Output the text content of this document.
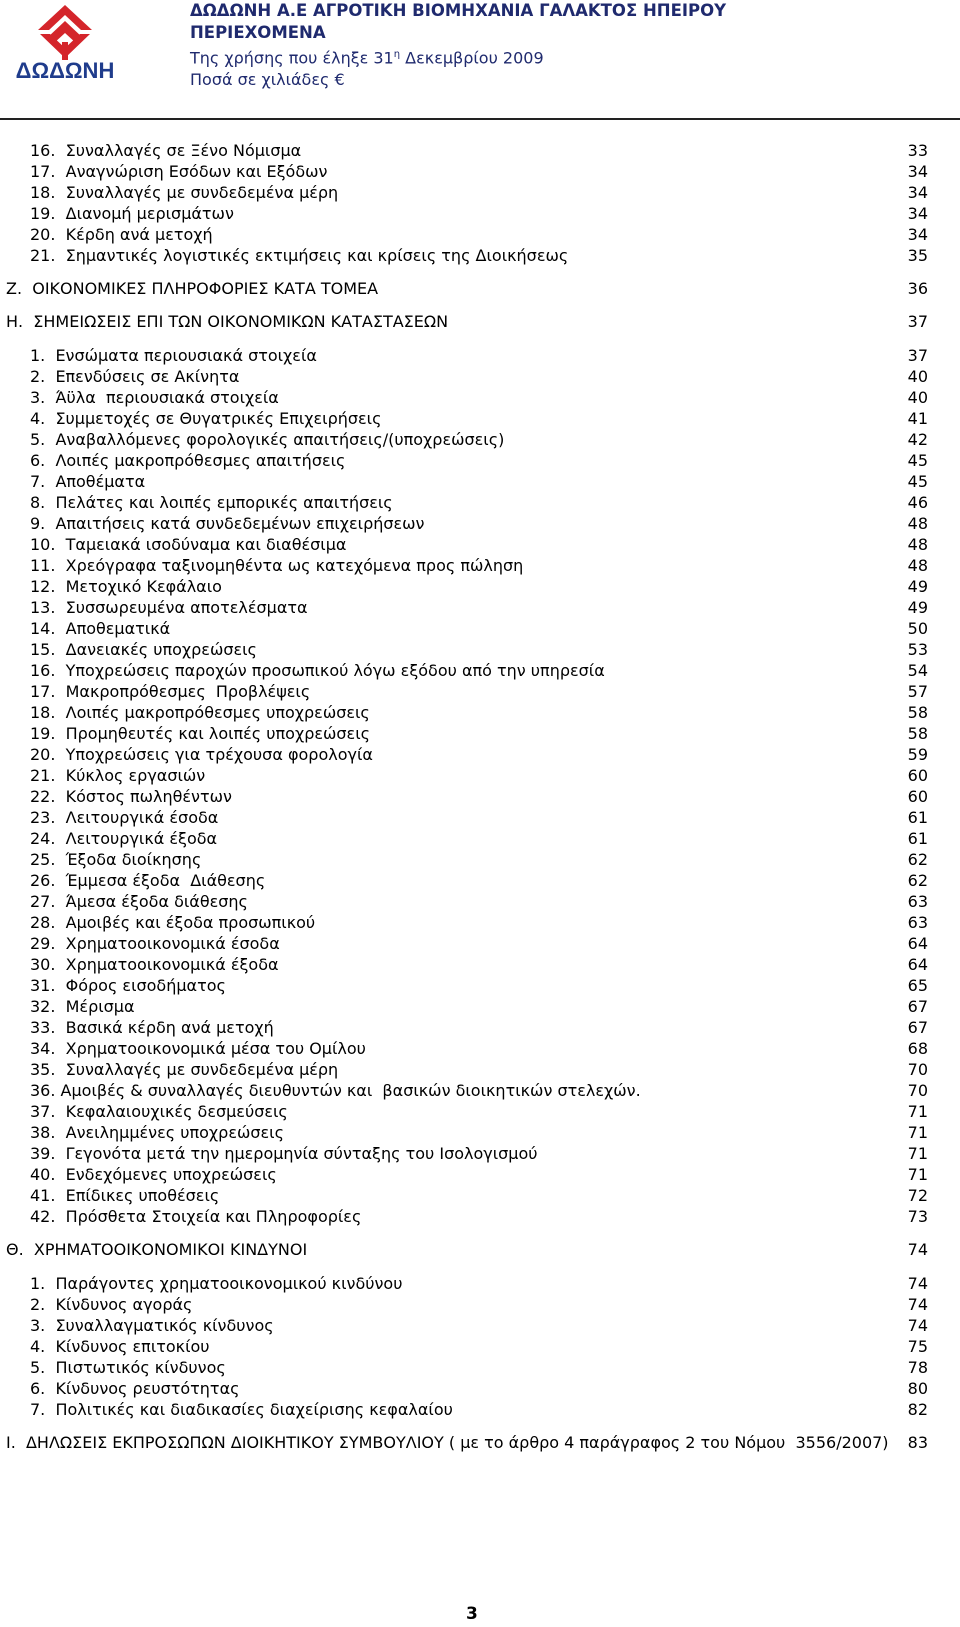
ΔΩΔΩΝΗ
ΔΩΔΩΝΗ Α.Ε ΑΓΡΟΤΙΚΗ ΒΙΟΜΗΧΑΝΙΑ ΓΑΛΑΚΤΟΣ ΗΠΕΙΡΟΥ
ΠΕΡΙΕΧΟΜΕΝΑ
Της χρήσης που έληξε $31^\eta$ Δεκεμβρίου 2009
Ποσά σε χιλιάδες €
16.  Συναλλαγές σε Ξένο Νόμισμα	33
17.  Αναγνώριση Εσόδων και Εξόδων	34
18.  Συναλλαγές με συνδεδεμένα μέρη	34
19.  Διανομή μερισμάτων	34
20.  Κέρδη ανά μετοχή	34
21.  Σημαντικές λογιστικές εκτιμήσεις και κρίσεις της Διοικήσεως	35
Ζ.  ΟΙΚΟΝΟΜΙΚΕΣ ΠΛΗΡΟΦΟΡΙΕΣ ΚΑΤΑ ΤΟΜΕΑ	36
Η.  ΣΗΜΕΙΩΣΕΙΣ ΕΠΙ ΤΩΝ ΟΙΚΟΝΟΜΙΚΩΝ ΚΑΤΑΣΤΑΣΕΩΝ	37
1.  Ενσώματα περιουσιακά στοιχεία	37
2.  Επενδύσεις σε Ακίνητα	40
3.  Άϋλα  περιουσιακά στοιχεία	40
4.  Συμμετοχές σε Θυγατρικές Επιχειρήσεις	41
5.  Αναβαλλόμενες φορολογικές απαιτήσεις/(υποχρεώσεις)	42
6.  Λοιπές μακροπρόθεσμες απαιτήσεις	45
7.  Αποθέματα	45
8.  Πελάτες και λοιπές εμπορικές απαιτήσεις	46
9.  Απαιτήσεις κατά συνδεδεμένων επιχειρήσεων	48
10.  Ταμειακά ισοδύναμα και διαθέσιμα	48
11.  Χρεόγραφα ταξινομηθέντα ως κατεχόμενα προς πώληση	48
12.  Μετοχικό Κεφάλαιο	49
13.  Συσσωρευμένα αποτελέσματα	49
14.  Αποθεματικά	50
15.  Δανειακές υποχρεώσεις	53
16.  Υποχρεώσεις παροχών προσωπικού λόγω εξόδου από την υπηρεσία	54
17.  Μακροπρόθεσμες  Προβλέψεις	57
18.  Λοιπές μακροπρόθεσμες υποχρεώσεις	58
19.  Προμηθευτές και λοιπές υποχρεώσεις	58
20.  Υποχρεώσεις για τρέχουσα φορολογία	59
21.  Κύκλος εργασιών	60
22.  Κόστος πωληθέντων	60
23.  Λειτουργικά έσοδα	61
24.  Λειτουργικά έξοδα	61
25.  Έξοδα διοίκησης	62
26.  Έμμεσα έξοδα  Διάθεσης	62
27.  Άμεσα έξοδα διάθεσης	63
28.  Αμοιβές και έξοδα προσωπικού	63
29.  Χρηματοοικονομικά έσοδα	64
30.  Χρηματοοικονομικά έξοδα	64
31.  Φόρος εισοδήματος	65
32.  Μέρισμα	67
33.  Βασικά κέρδη ανά μετοχή	67
34.  Χρηματοοικονομικά μέσα του Ομίλου	68
35.  Συναλλαγές με συνδεδεμένα μέρη	70
36. Αμοιβές & συναλλαγές διευθυντών και  βασικών διοικητικών στελεχών.	70
37.  Κεφαλαιουχικές δεσμεύσεις	71
38.  Ανειλημμένες υποχρεώσεις	71
39.  Γεγονότα μετά την ημερομηνία σύνταξης του Ισολογισμού	71
40.  Ενδεχόμενες υποχρεώσεις	71
41.  Επίδικες υποθέσεις	72
42.  Πρόσθετα Στοιχεία και Πληροφορίες	73
Θ.  ΧΡΗΜΑΤΟΟΙΚΟΝΟΜΙΚΟΙ ΚΙΝΔΥΝΟΙ	74
1.  Παράγοντες χρηματοοικονομικού κινδύνου	74
2.  Κίνδυνος αγοράς	74
3.  Συναλλαγματικός κίνδυνος	74
4.  Κίνδυνος επιτοκίου	75
5.  Πιστωτικός κίνδυνος	78
6.  Κίνδυνος ρευστότητας	80
7.  Πολιτικές και διαδικασίες διαχείρισης κεφαλαίου	82
Ι.  ΔΗΛΩΣΕΙΣ ΕΚΠΡΟΣΩΠΩΝ ΔΙΟΙΚΗΤΙΚΟΥ ΣΥΜΒΟΥΛΙΟΥ ( με το άρθρο 4 παράγραφος 2 του Νόμου  3556/2007) 83
3
